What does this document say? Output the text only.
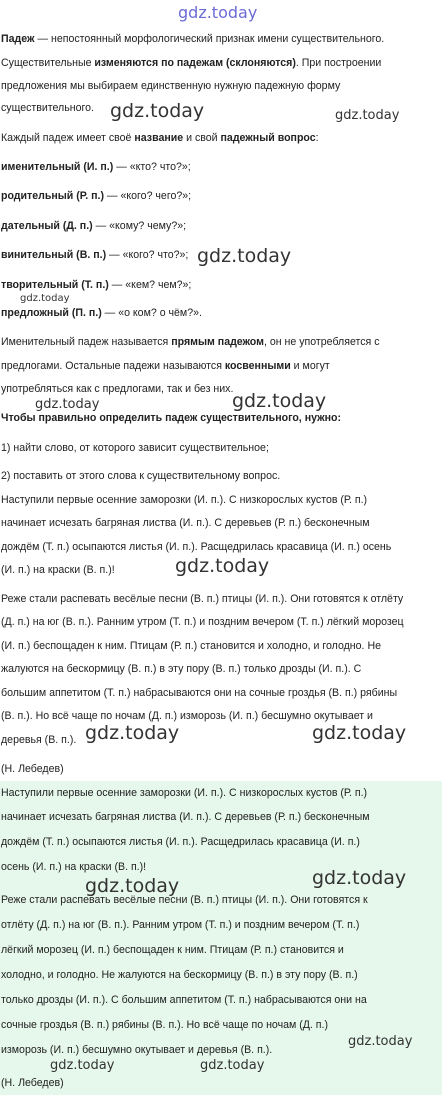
gdz.today
Падеж — непостоянный морфологический признак имени существительного.
Существительные изменяются по падежам (склоняются). При построении
предложения мы выбираем единственную нужную падежную форму
существительного.
Каждый падеж имеет своё название и свой падежный вопрос:
именительный (И. п.) — «кто? что?»;
родительный (Р. п.) — «кого? чего?»;
дательный (Д. п.) — «кому? чему?»;
винительный (В. п.) — «кого? что?»;
творительный (Т. п.) — «кем? чем?»;
предложный (П. п.) — «о ком? о чём?».
Именительный падеж называется прямым падежом, он не употребляется с
предлогами. Остальные падежи называются косвенными и могут
употребляться как с предлогами, так и без них.
Чтобы правильно определить падеж существительного, нужно:
1) найти слово, от которого зависит существительное;
2) поставить от этого слова к существительному вопрос.
Наступили первые осенние заморозки (И. п.). С низкорослых кустов (Р. п.)
начинает исчезать багряная листва (И. п.). С деревьев (Р. п.) бесконечным
дождём (Т. п.) осыпаются листья (И. п.). Расщедрилась красавица (И. п.) осень
(И. п.) на краски (В. п.)!
Реже стали распевать весёлые песни (В. п.) птицы (И. п.). Они готовятся к отлёту
(Д. п.) на юг (В. п.). Ранним утром (Т. п.) и поздним вечером (Т. п.) лёгкий морозец
(И. п.) беспощаден к ним. Птицам (Р. п.) становится и холодно, и голодно. Не
жалуются на бескормицу (В. п.) в эту пору (В. п.) только дрозды (И. п.). С
большим аппетитом (Т. п.) набрасываются они на сочные гроздья (В. п.) рябины
(В. п.). Но всё чаще по ночам (Д. п.) изморозь (И. п.) бесшумно окутывает и
деревья (В. п.).
(Н. Лебедев)
Наступили первые осенние заморозки (И. п.). С низкорослых кустов (Р. п.)
начинает исчезать багряная листва (И. п.). С деревьев (Р. п.) бесконечным
дождём (Т. п.) осыпаются листья (И. п.). Расщедрилась красавица (И. п.)
осень (И. п.) на краски (В. п.)!
Реже стали распевать весёлые песни (В. п.) птицы (И. п.). Они готовятся к
отлёту (Д. п.) на юг (В. п.). Ранним утром (Т. п.) и поздним вечером (Т. п.)
лёгкий морозец (И. п.) беспощаден к ним. Птицам (Р. п.) становится и
холодно, и голодно. Не жалуются на бескормицу (В. п.) в эту пору (В. п.)
только дрозды (И. п.). С большим аппетитом (Т. п.) набрасываются они на
сочные гроздья (В. п.) рябины (В. п.). Но всё чаще по ночам (Д. п.)
изморозь (И. п.) бесшумно окутывает и деревья (В. п.).
(Н. Лебедев)
gdz.today	gdz.today
gdz.today
gdz.today
gdz.today	gdz.today
gdz.today
gdz.today	gdz.today
gdz.today	gdz.today
gdz.today
gdz.today	gdz.today
